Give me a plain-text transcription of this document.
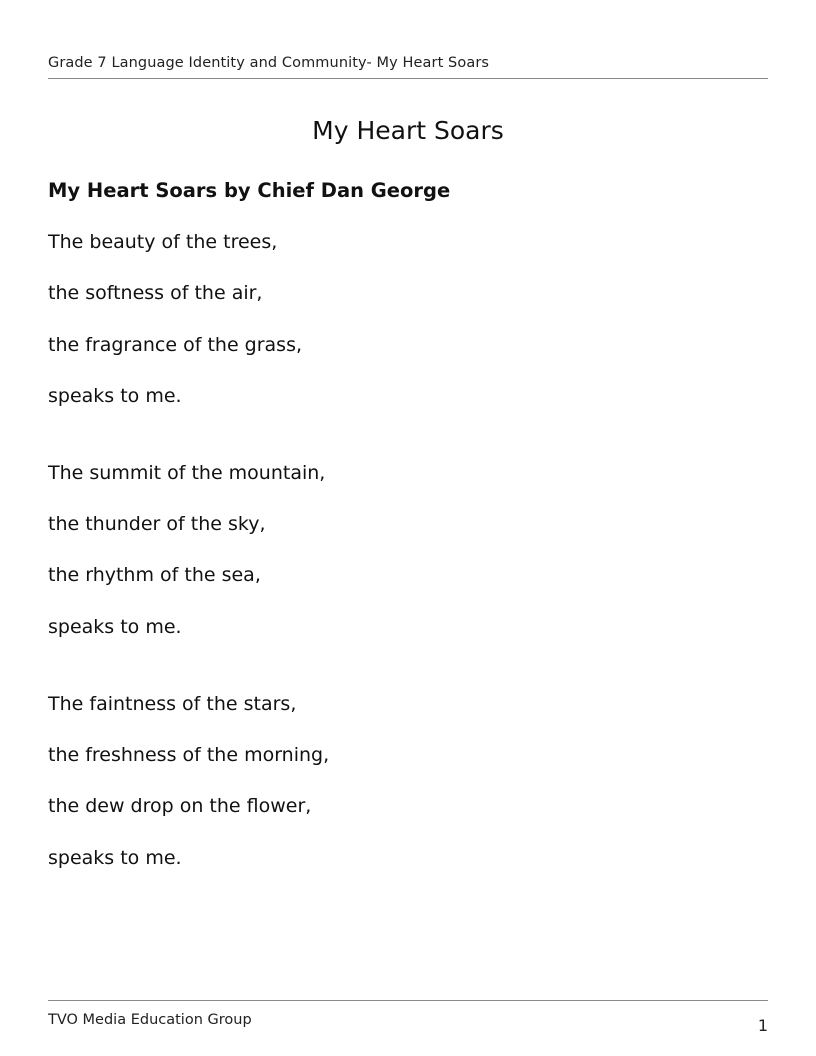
Grade 7 Language Identity and Community- My Heart Soars
My Heart Soars
My Heart Soars by Chief Dan George
The beauty of the trees,
the softness of the air,
the fragrance of the grass,
speaks to me.
The summit of the mountain,
the thunder of the sky,
the rhythm of the sea,
speaks to me.
The faintness of the stars,
the freshness of the morning,
the dew drop on the flower,
speaks to me.
TVO Media Education Group	1
